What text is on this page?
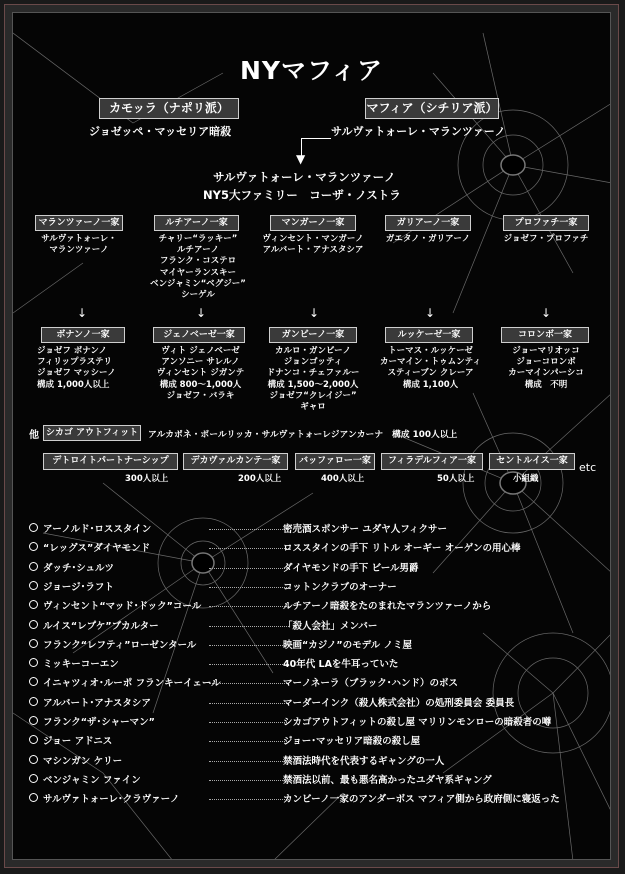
NYマフィア
カモッラ（ナポリ派）
ジョゼッペ・マッセリア暗殺
マフィア（シチリア派）
サルヴァトォーレ・マランツァーノ
▼
サルヴァトォーレ・マランツァーノ
NY5大ファミリー　コーザ・ノストラ
マランツァーノ一家
サルヴァトォーレ・
マランツァーノ
ルチアーノ一家
チャリー“ラッキー”
ルチアーノ
フランク・コステロ
マイヤーランスキー
ベンジャミン“ベグジー”
シーゲル
マンガーノ一家
ヴィンセント・マンガーノ
アルバート・アナスタシア
ガリアーノ一家
ガエタノ・ガリアーノ
プロファチ一家
ジョゼフ・プロファチ
↓	↓	↓	↓	↓
ボナンノ一家
ジョゼフ ボナンノ
フィリップラステリ
ジョゼフ マッシーノ
構成 1,000人以上
ジェノベーゼ一家
ヴィト ジェノベーゼ
アンソニー サレルノ
ヴィンセント ジガンテ
構成 800～1,000人
ジョゼフ・バラキ
ガンビーノ一家
カルロ・ガンビーノ
ジョンゴッティ
ドナンコ・チェファルー
構成 1,500～2,000人
ジョゼフ“クレイジー”
ギャロ
ルッケーゼ一家
トーマス・ルッケーゼ
カーマイン・トゥムンティ
スティーブン クレーア
構成 1,100人
コロンボ一家
ジョーマリオッコ
ジョーコロンボ
カーマインパーシコ
構成　不明
他 シカゴ アウトフィット	アルカポネ・ポールリッカ・サルヴァトォーレジアンカーナ　構成 100人以上
デトロイトパートナーシップ
300人以上
デカヴァルカンテ一家
200人以上
バッファロー一家
400人以上
フィラデルフィア一家
50人以上
セントルイス一家
小組織
etc
アーノルド･ロススタイン	密売酒スポンサー ユダヤ人フィクサー
“レッグス”ダイヤモンド	ロススタインの手下 リトル オーギー オーゲンの用心棒
ダッチ･シュルツ	ダイヤモンドの手下 ビール男爵
ジョージ･ラフト	コットンクラブのオーナー
ヴィンセント“マッド･ドック”コール	ルチアーノ暗殺をたのまれたマランツァーノから
ルイス“レプケ”ブカルター	「殺人会社」メンバー
フランク“レフティ”ローゼンタール	映画“カジノ”のモデル ノミ屋
ミッキーコーエン	40年代 LAを牛耳っていた
イニャツィオ･ルーポ フランキーイェール	マーノネーラ（ブラック･ハンド）のボス
アルバート･アナスタシア	マーダーインク（殺人株式会社）の処刑委員会 委員長
フランク“ザ･シャーマン”	シカゴアウトフィットの殺し屋 マリリンモンローの暗殺者の噂
ジョー アドニス	ジョー･マッセリア暗殺の殺し屋
マシンガン ケリー	禁酒法時代を代表するギャングの一人
ベンジャミン ファイン	禁酒法以前、最も悪名高かったユダヤ系ギャング
サルヴァトォーレ･クラヴァーノ	カンビーノ一家のアンダーボス マフィア側から政府側に寝返った
